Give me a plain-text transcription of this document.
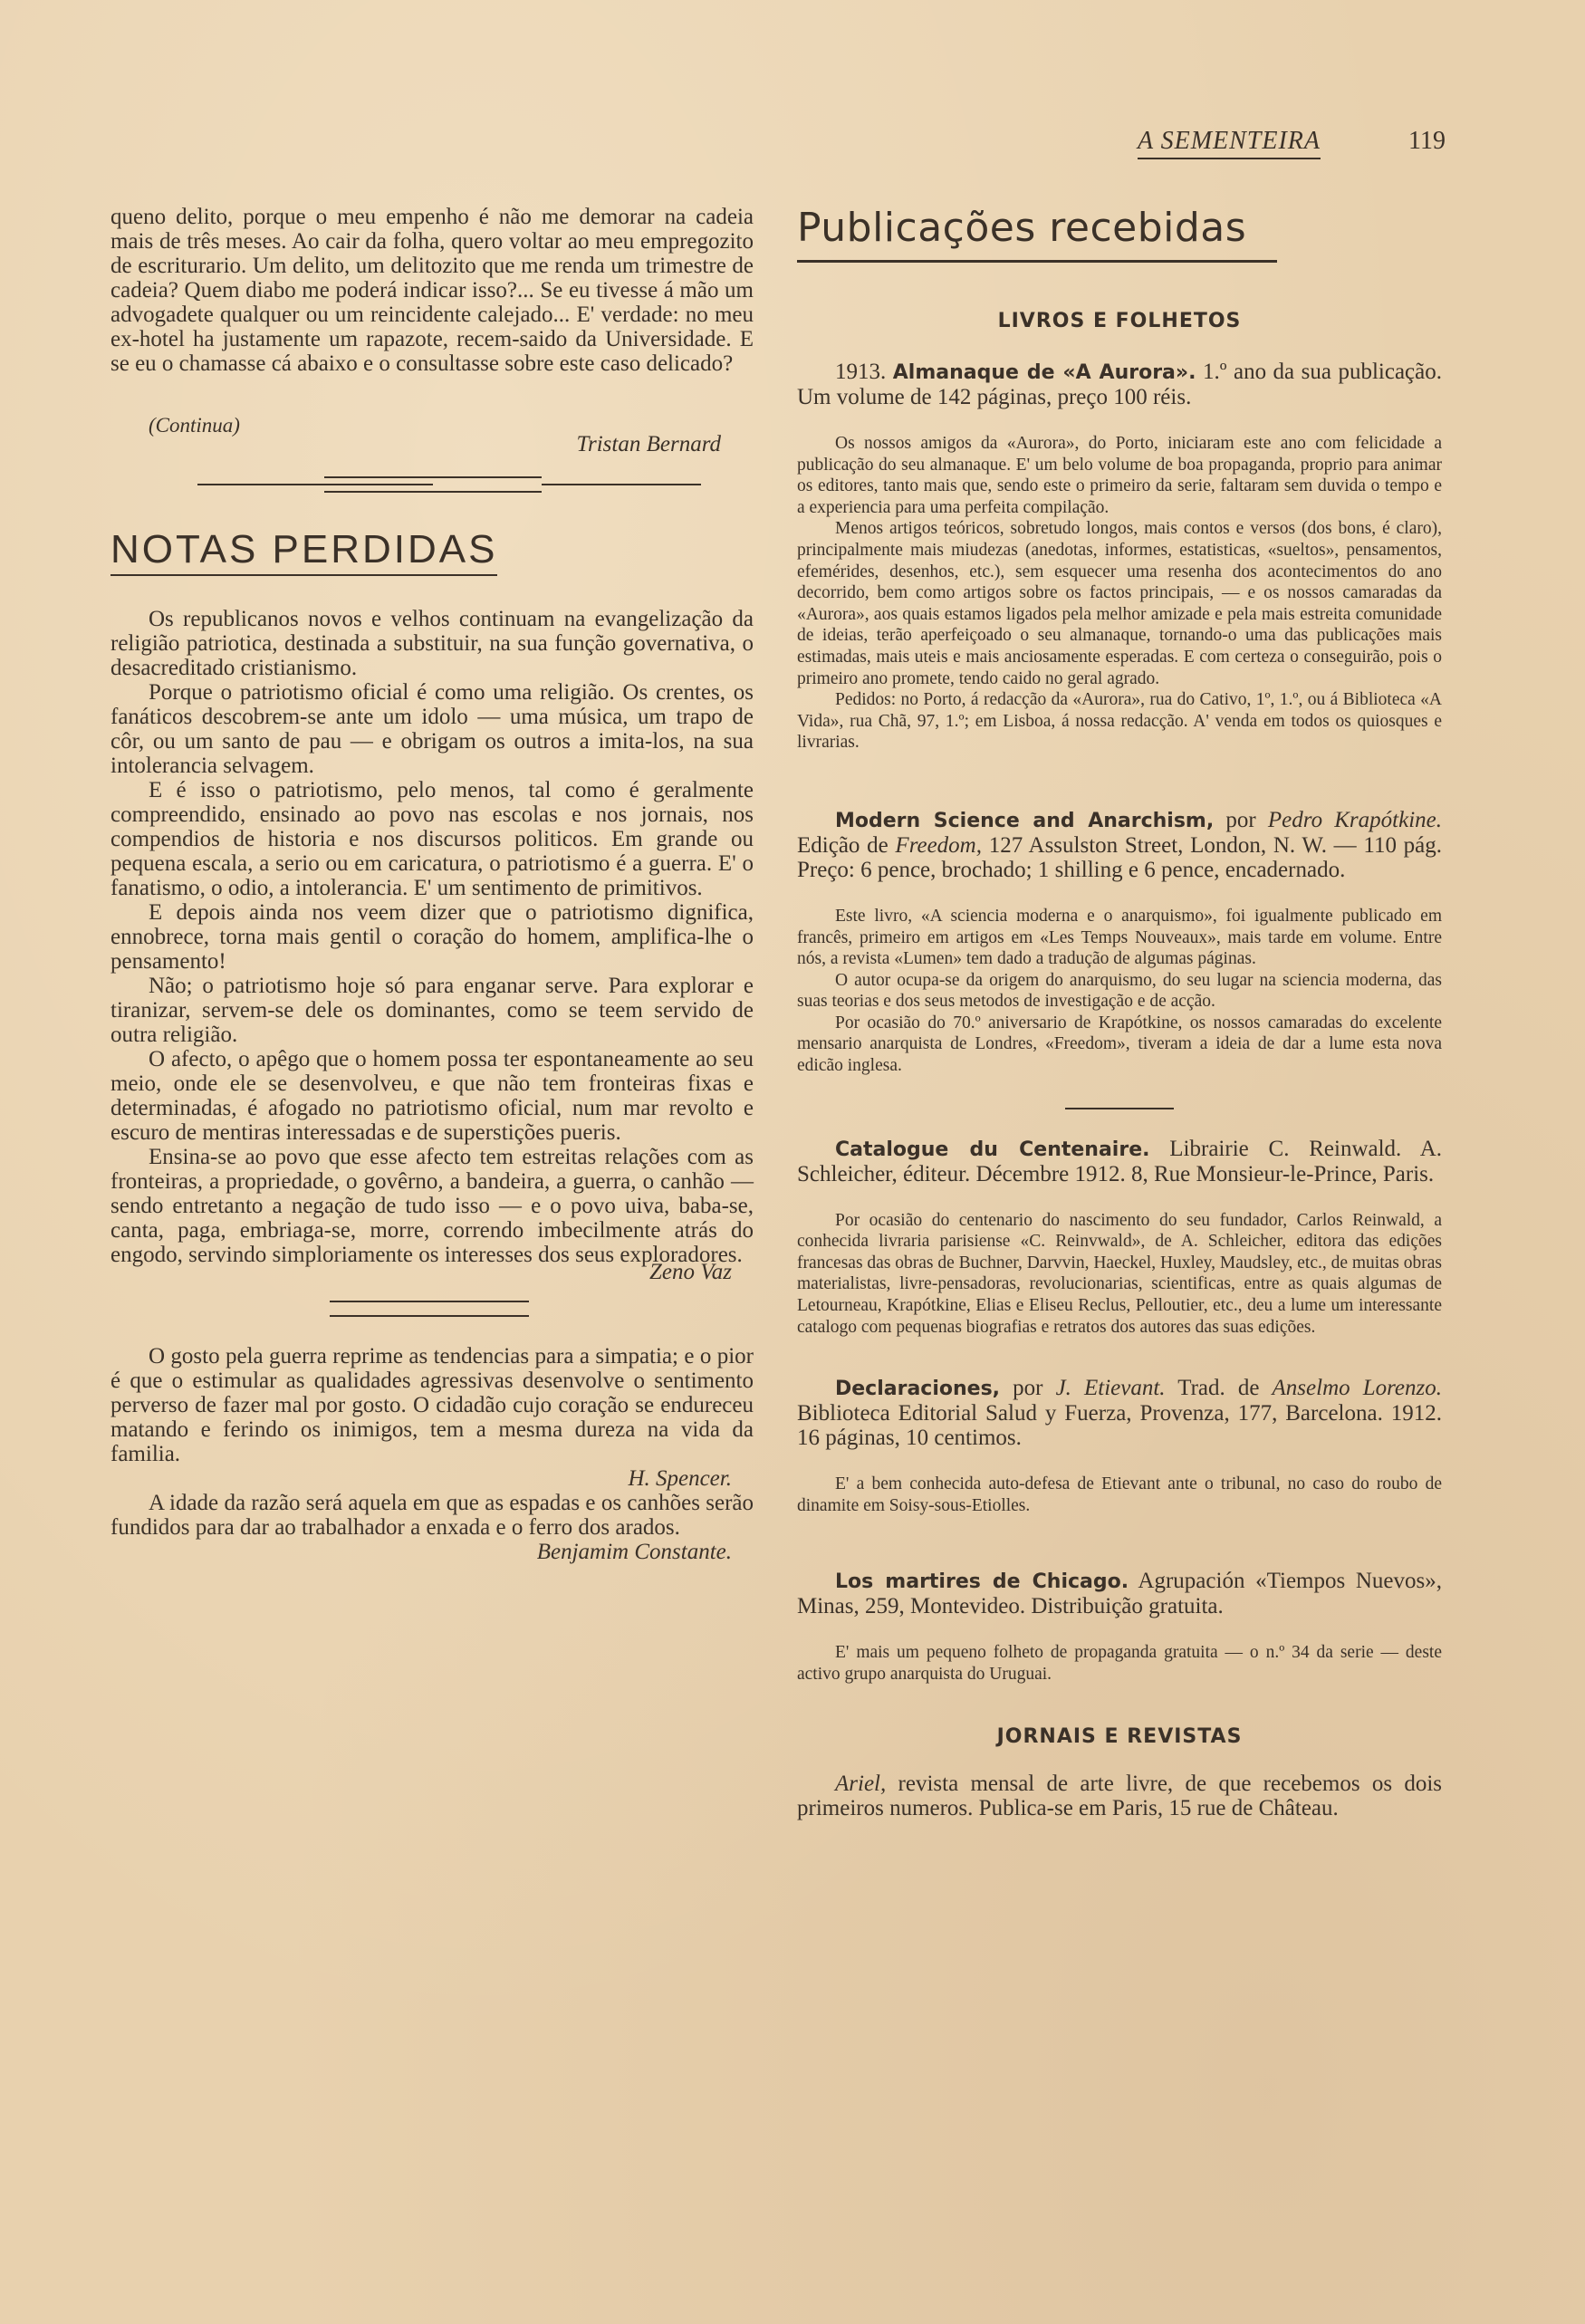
A SEMENTEIRA	119

queno delito, porque o meu empenho é não me demorar na cadeia mais de três meses. Ao cair da folha, quero voltar ao meu empregozito de escriturario. Um delito, um delitozito que me renda um trimestre de cadeia? Quem diabo me poderá indicar isso?... Se eu tivesse á mão um advogadete qualquer ou um reincidente calejado... E' verdade: no meu ex-hotel ha justamente um rapazote, recem-saido da Universidade. E se eu o chamasse cá abaixo e o consultasse sobre este caso delicado?

(Continua)
Tristan Bernard
NOTAS PERDIDAS

Os republicanos novos e velhos continuam na evangelização da religião patriotica, destinada a substituir, na sua função governativa, o desacreditado cristianismo.

Porque o patriotismo oficial é como uma religião. Os crentes, os fanáticos descobrem-se ante um idolo — uma música, um trapo de côr, ou um santo de pau — e obrigam os outros a imita-los, na sua intolerancia selvagem.

E é isso o patriotismo, pelo menos, tal como é geralmente compreendido, ensinado ao povo nas escolas e nos jornais, nos compendios de historia e nos discursos politicos. Em grande ou pequena escala, a serio ou em caricatura, o patriotismo é a guerra. E' o fanatismo, o odio, a intolerancia. E' um sentimento de primitivos.

E depois ainda nos veem dizer que o patriotismo dignifica, ennobrece, torna mais gentil o coração do homem, amplifica-lhe o pensamento!

Não; o patriotismo hoje só para enganar serve. Para explorar e tiranizar, servem-se dele os dominantes, como se teem servido de outra religião.

O afecto, o apêgo que o homem possa ter espontaneamente ao seu meio, onde ele se desenvolveu, e que não tem fronteiras fixas e determinadas, é afogado no patriotismo oficial, num mar revolto e escuro de mentiras interessadas e de superstições pueris.

Ensina-se ao povo que esse afecto tem estreitas relações com as fronteiras, a propriedade, o govêrno, a bandeira, a guerra, o canhão — sendo entretanto a negação de tudo isso — e o povo uiva, baba-se, canta, paga, embriaga-se, morre, correndo imbecilmente atrás do engodo, servindo simploriamente os interesses dos seus exploradores.

Zeno Vaz

O gosto pela guerra reprime as tendencias para a simpatia; e o pior é que o estimular as qualidades agressivas desenvolve o sentimento perverso de fazer mal por gosto. O cidadão cujo coração se endureceu matando e ferindo os inimigos, tem a mesma dureza na vida da familia.

H. Spencer.

A idade da razão será aquela em que as espadas e os canhões serão fundidos para dar ao trabalhador a enxada e o ferro dos arados.

Benjamim Constante.
Publicações recebidas
LIVROS E FOLHETOS

1913. Almanaque de «A Aurora». 1.º ano da sua publicação. Um volume de 142 páginas, preço 100 réis.

Os nossos amigos da «Aurora», do Porto, iniciaram este ano com felicidade a publicação do seu almanaque. E' um belo volume de boa propaganda, proprio para animar os editores, tanto mais que, sendo este o primeiro da serie, faltaram sem duvida o tempo e a experiencia para uma perfeita compilação.

Menos artigos teóricos, sobretudo longos, mais contos e versos (dos bons, é claro), principalmente mais miudezas (anedotas, informes, estatisticas, «sueltos», pensamentos, efemérides, desenhos, etc.), sem esquecer uma resenha dos acontecimentos do ano decorrido, bem como artigos sobre os factos principais, — e os nossos camaradas da «Aurora», aos quais estamos ligados pela melhor amizade e pela mais estreita comunidade de ideias, terão aperfeiçoado o seu almanaque, tornando-o uma das publicações mais estimadas, mais uteis e mais anciosamente esperadas. E com certeza o conseguirão, pois o primeiro ano promete, tendo caido no geral agrado.

Pedidos: no Porto, á redacção da «Aurora», rua do Cativo, 1º, 1.º, ou á Biblioteca «A Vida», rua Chã, 97, 1.º; em Lisboa, á nossa redacção. A' venda em todos os quiosques e livrarias.

Modern Science and Anarchism, por Pedro Krapótkine. Edição de Freedom, 127 Assulston Street, London, N. W. — 110 pág. Preço: 6 pence, brochado; 1 shilling e 6 pence, encadernado.

Este livro, «A sciencia moderna e o anarquismo», foi igualmente publicado em francês, primeiro em artigos em «Les Temps Nouveaux», mais tarde em volume. Entre nós, a revista «Lumen» tem dado a tradução de algumas páginas.

O autor ocupa-se da origem do anarquismo, do seu lugar na sciencia moderna, das suas teorias e dos seus metodos de investigação e de acção.

Por ocasião do 70.º aniversario de Krapótkine, os nossos camaradas do excelente mensario anarquista de Londres, «Freedom», tiveram a ideia de dar a lume esta nova edicão inglesa.

Catalogue du Centenaire. Librairie C. Reinwald. A. Schleicher, éditeur. Décembre 1912. 8, Rue Monsieur-le-Prince, Paris.

Por ocasião do centenario do nascimento do seu fundador, Carlos Reinwald, a conhecida livraria parisiense «C. Reinvwald», de A. Schleicher, editora das edições francesas das obras de Buchner, Darvvin, Haeckel, Huxley, Maudsley, etc., de muitas obras materialistas, livre-pensadoras, revolucionarias, scientificas, entre as quais algumas de Letourneau, Krapótkine, Elias e Eliseu Reclus, Pelloutier, etc., deu a lume um interessante catalogo com pequenas biografias e retratos dos autores das suas edições.

Declaraciones, por J. Etievant. Trad. de Anselmo Lorenzo. Biblioteca Editorial Salud y Fuerza, Provenza, 177, Barcelona. 1912. 16 páginas, 10 centimos.

E' a bem conhecida auto-defesa de Etievant ante o tribunal, no caso do roubo de dinamite em Soisy-sous-Etiolles.

Los martires de Chicago. Agrupación «Tiempos Nuevos», Minas, 259, Montevideo. Distribuição gratuita.

E' mais um pequeno folheto de propaganda gratuita — o n.º 34 da serie — deste activo grupo anarquista do Uruguai.

JORNAIS E REVISTAS

Ariel, revista mensal de arte livre, de que recebemos os dois primeiros numeros. Publica-se em Paris, 15 rue de Château.
